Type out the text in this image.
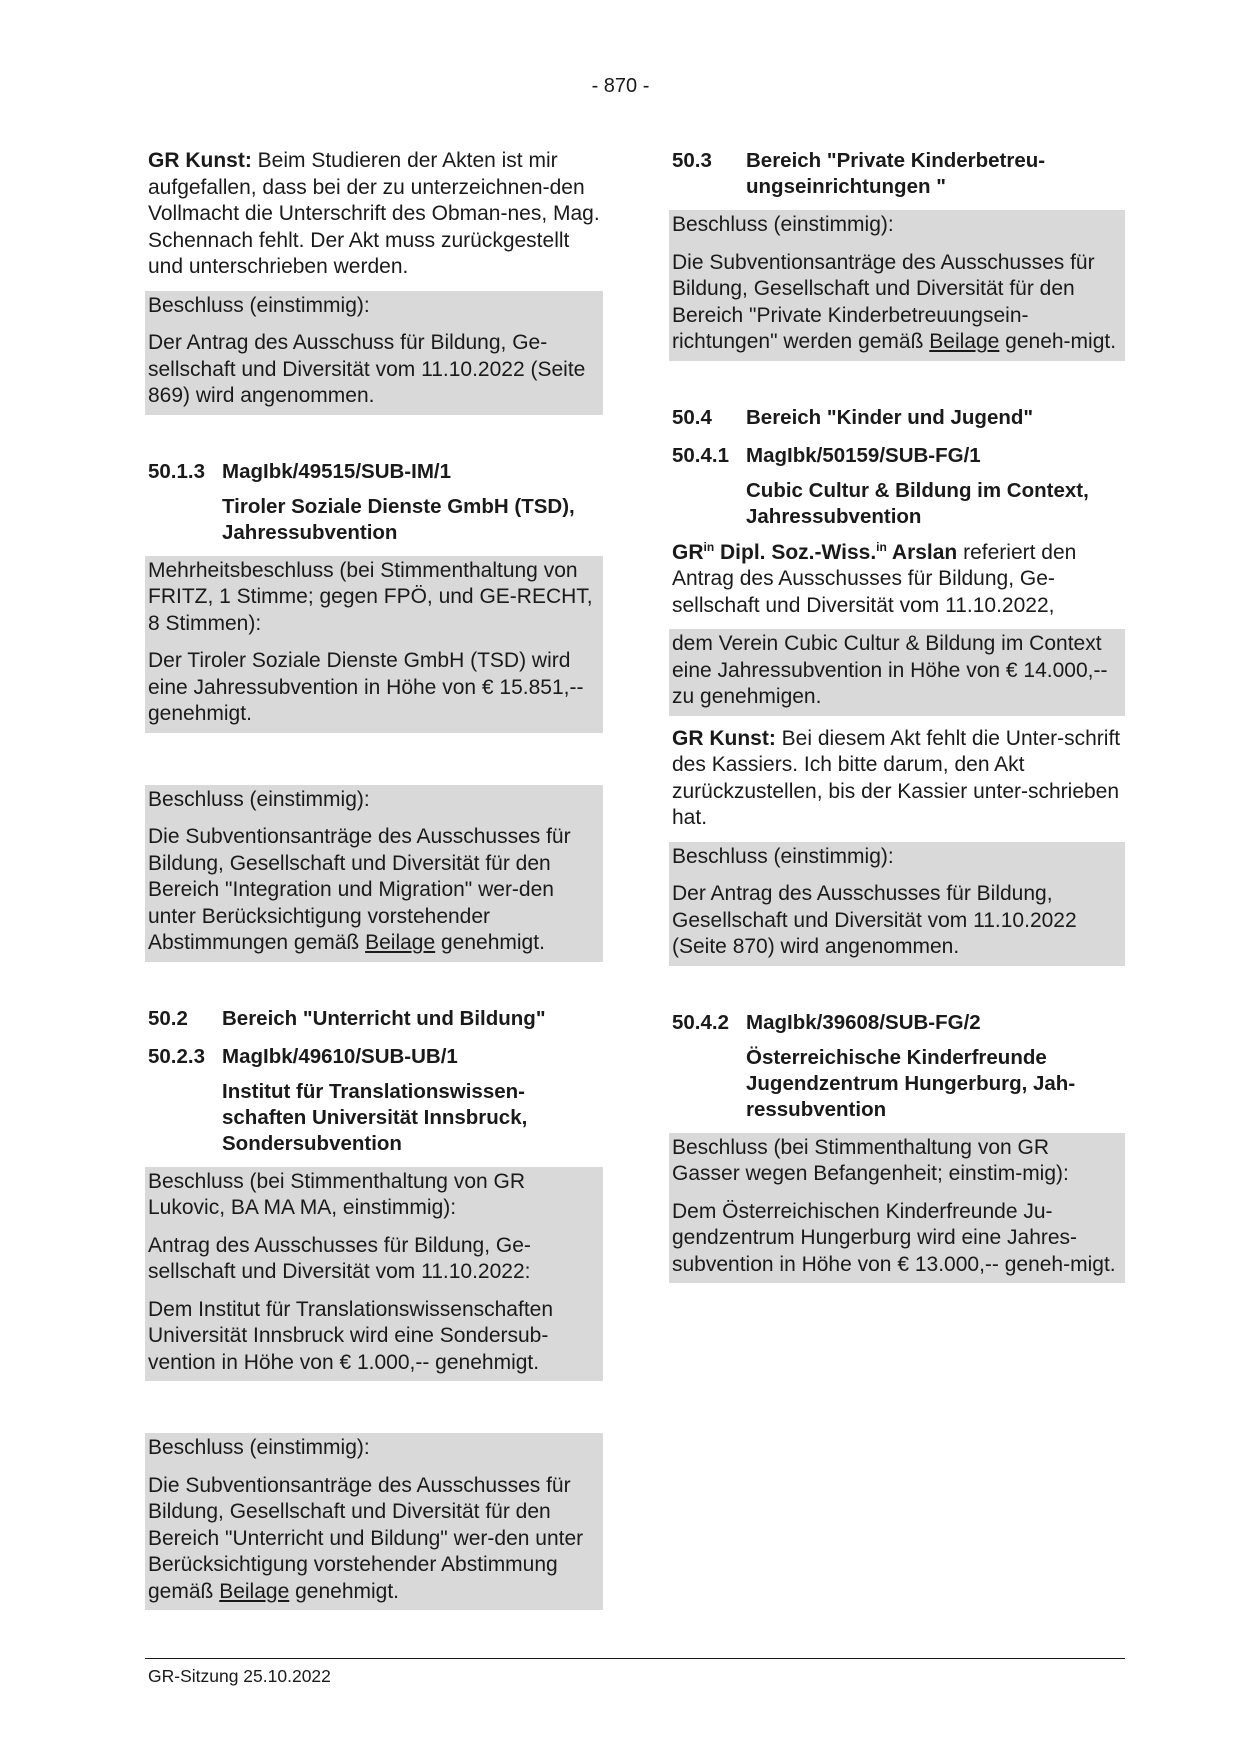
- 870 -

GR Kunst: Beim Studieren der Akten ist mir aufgefallen, dass bei der zu unterzeichnen-den Vollmacht die Unterschrift des Obman-nes, Mag. Schennach fehlt. Der Akt muss zurückgestellt und unterschrieben werden.

Beschluss (einstimmig):

Der Antrag des Ausschuss für Bildung, Ge-sellschaft und Diversität vom 11.10.2022 (Seite 869) wird angenommen.

50.1.3 MagIbk/49515/SUB-IM/1

Tiroler Soziale Dienste GmbH (TSD), Jahressubvention

Mehrheitsbeschluss (bei Stimmenthaltung von FRITZ, 1 Stimme; gegen FPÖ, und GE-RECHT, 8 Stimmen):

Der Tiroler Soziale Dienste GmbH (TSD) wird eine Jahressubvention in Höhe von € 15.851,-- genehmigt.

Beschluss (einstimmig):

Die Subventionsanträge des Ausschusses für Bildung, Gesellschaft und Diversität für den Bereich "Integration und Migration" wer-den unter Berücksichtigung vorstehender Abstimmungen gemäß Beilage genehmigt.

50.2	Bereich "Unterricht und Bildung"
50.2.3 MagIbk/49610/SUB-UB/1

Institut für Translationswissen-schaften Universität Innsbruck, Sondersubvention

Beschluss (bei Stimmenthaltung von GR Lukovic, BA MA MA, einstimmig):

Antrag des Ausschusses für Bildung, Ge-sellschaft und Diversität vom 11.10.2022:

Dem Institut für Translationswissenschaften Universität Innsbruck wird eine Sondersub-vention in Höhe von € 1.000,-- genehmigt.

Beschluss (einstimmig):

Die Subventionsanträge des Ausschusses für Bildung, Gesellschaft und Diversität für den Bereich "Unterricht und Bildung" wer-den unter Berücksichtigung vorstehender Abstimmung gemäß Beilage genehmigt.

50.3	Bereich "Private Kinderbetreu-ungseinrichtungen "

Beschluss (einstimmig):

Die Subventionsanträge des Ausschusses für Bildung, Gesellschaft und Diversität für den Bereich "Private Kinderbetreuungsein-richtungen" werden gemäß Beilage geneh-migt.

50.4	Bereich "Kinder und Jugend"
50.4.1 MagIbk/50159/SUB-FG/1

Cubic Cultur & Bildung im Context, Jahressubvention

$GR^{in}$ Dipl. Soz.-Wiss.$^{in}$ Arslan referiert den Antrag des Ausschusses für Bildung, Ge-sellschaft und Diversität vom 11.10.2022,

dem Verein Cubic Cultur & Bildung im Context eine Jahressubvention in Höhe von € 14.000,-- zu genehmigen.

GR Kunst: Bei diesem Akt fehlt die Unter-schrift des Kassiers. Ich bitte darum, den Akt zurückzustellen, bis der Kassier unter-schrieben hat.

Beschluss (einstimmig):

Der Antrag des Ausschusses für Bildung, Gesellschaft und Diversität vom 11.10.2022 (Seite 870) wird angenommen.

50.4.2 MagIbk/39608/SUB-FG/2

Österreichische Kinderfreunde Jugendzentrum Hungerburg, Jah-ressubvention

Beschluss (bei Stimmenthaltung von GR Gasser wegen Befangenheit; einstim-mig):

Dem Österreichischen Kinderfreunde Ju-gendzentrum Hungerburg wird eine Jahres-subvention in Höhe von € 13.000,-- geneh-migt.

GR-Sitzung 25.10.2022
